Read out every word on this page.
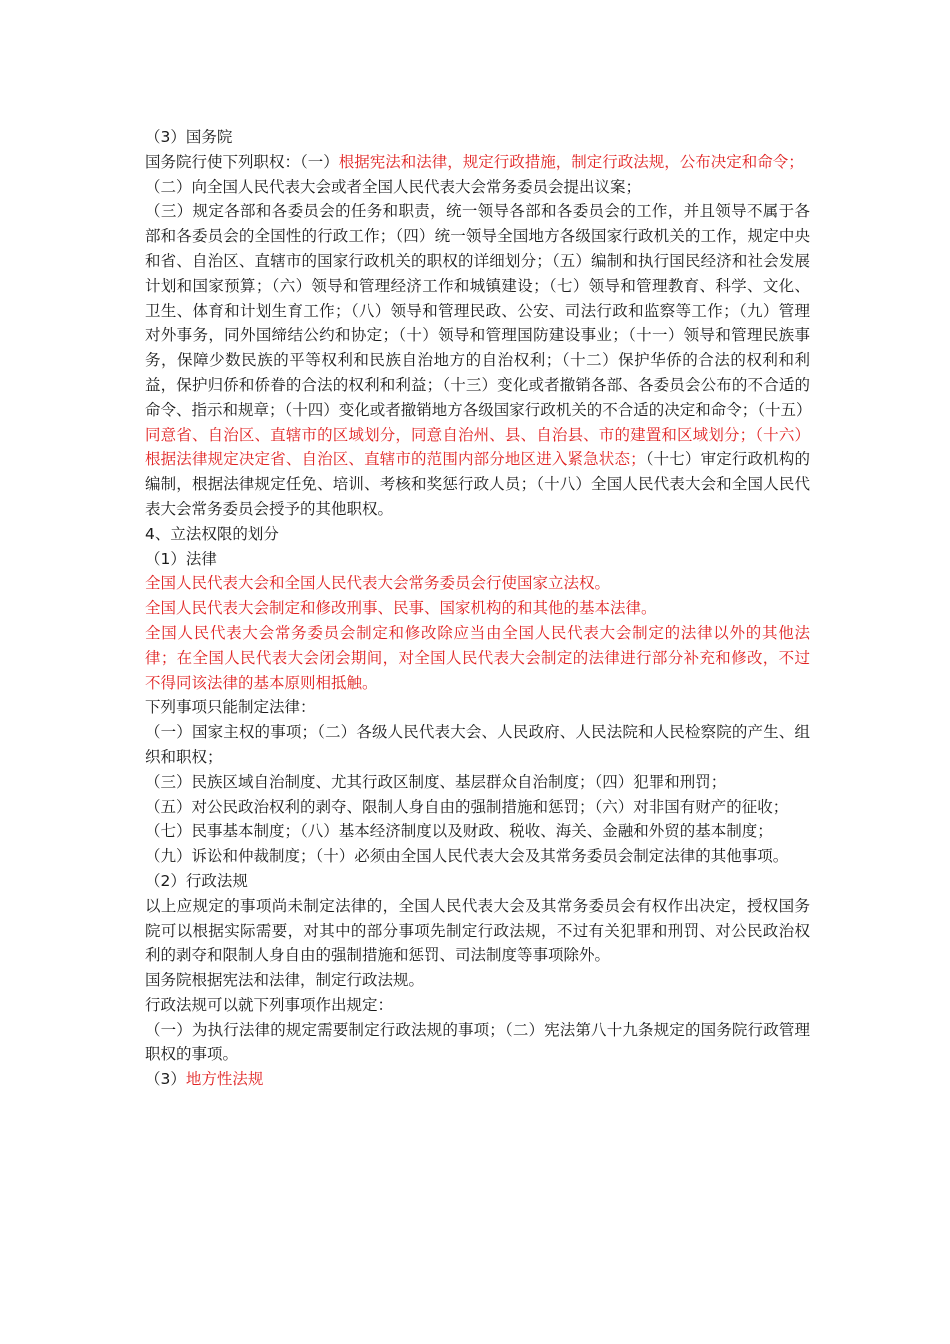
（3）国务院

国务院行使下列职权：（一）根据宪法和法律，规定行政措施，制定行政法规，公布决定和命令；

（二）向全国人民代表大会或者全国人民代表大会常务委员会提出议案；

（三）规定各部和各委员会的任务和职责，统一领导各部和各委员会的工作，并且领导不属于各部和各委员会的全国性的行政工作；（四）统一领导全国地方各级国家行政机关的工作，规定中央和省、自治区、直辖市的国家行政机关的职权的详细划分；（五）编制和执行国民经济和社会发展计划和国家预算；（六）领导和管理经济工作和城镇建设；（七）领导和管理教育、科学、文化、卫生、体育和计划生育工作；（八）领导和管理民政、公安、司法行政和监察等工作；（九）管理对外事务，同外国缔结公约和协定；（十）领导和管理国防建设事业；（十一）领导和管理民族事务，保障少数民族的平等权利和民族自治地方的自治权利；（十二）保护华侨的合法的权利和利益，保护归侨和侨眷的合法的权利和利益；（十三）变化或者撤销各部、各委员会公布的不合适的命令、指示和规章；（十四）变化或者撤销地方各级国家行政机关的不合适的决定和命令；（十五）同意省、自治区、直辖市的区域划分，同意自治州、县、自治县、市的建置和区域划分；（十六）根据法律规定决定省、自治区、直辖市的范围内部分地区进入紧急状态；（十七）审定行政机构的编制，根据法律规定任免、培训、考核和奖惩行政人员；（十八）全国人民代表大会和全国人民代表大会常务委员会授予的其他职权。

4、立法权限的划分

（1）法律

全国人民代表大会和全国人民代表大会常务委员会行使国家立法权。

全国人民代表大会制定和修改刑事、民事、国家机构的和其他的基本法律。

全国人民代表大会常务委员会制定和修改除应当由全国人民代表大会制定的法律以外的其他法律；在全国人民代表大会闭会期间，对全国人民代表大会制定的法律进行部分补充和修改，不过不得同该法律的基本原则相抵触。

下列事项只能制定法律：

（一）国家主权的事项；（二）各级人民代表大会、人民政府、人民法院和人民检察院的产生、组织和职权；

（三）民族区域自治制度、尤其行政区制度、基层群众自治制度；（四）犯罪和刑罚；

（五）对公民政治权利的剥夺、限制人身自由的强制措施和惩罚；（六）对非国有财产的征收；

（七）民事基本制度；（八）基本经济制度以及财政、税收、海关、金融和外贸的基本制度；

（九）诉讼和仲裁制度；（十）必须由全国人民代表大会及其常务委员会制定法律的其他事项。

（2）行政法规

以上应规定的事项尚未制定法律的，全国人民代表大会及其常务委员会有权作出决定，授权国务院可以根据实际需要，对其中的部分事项先制定行政法规，不过有关犯罪和刑罚、对公民政治权利的剥夺和限制人身自由的强制措施和惩罚、司法制度等事项除外。

国务院根据宪法和法律，制定行政法规。

行政法规可以就下列事项作出规定：

（一）为执行法律的规定需要制定行政法规的事项；（二）宪法第八十九条规定的国务院行政管理职权的事项。

（3）地方性法规
